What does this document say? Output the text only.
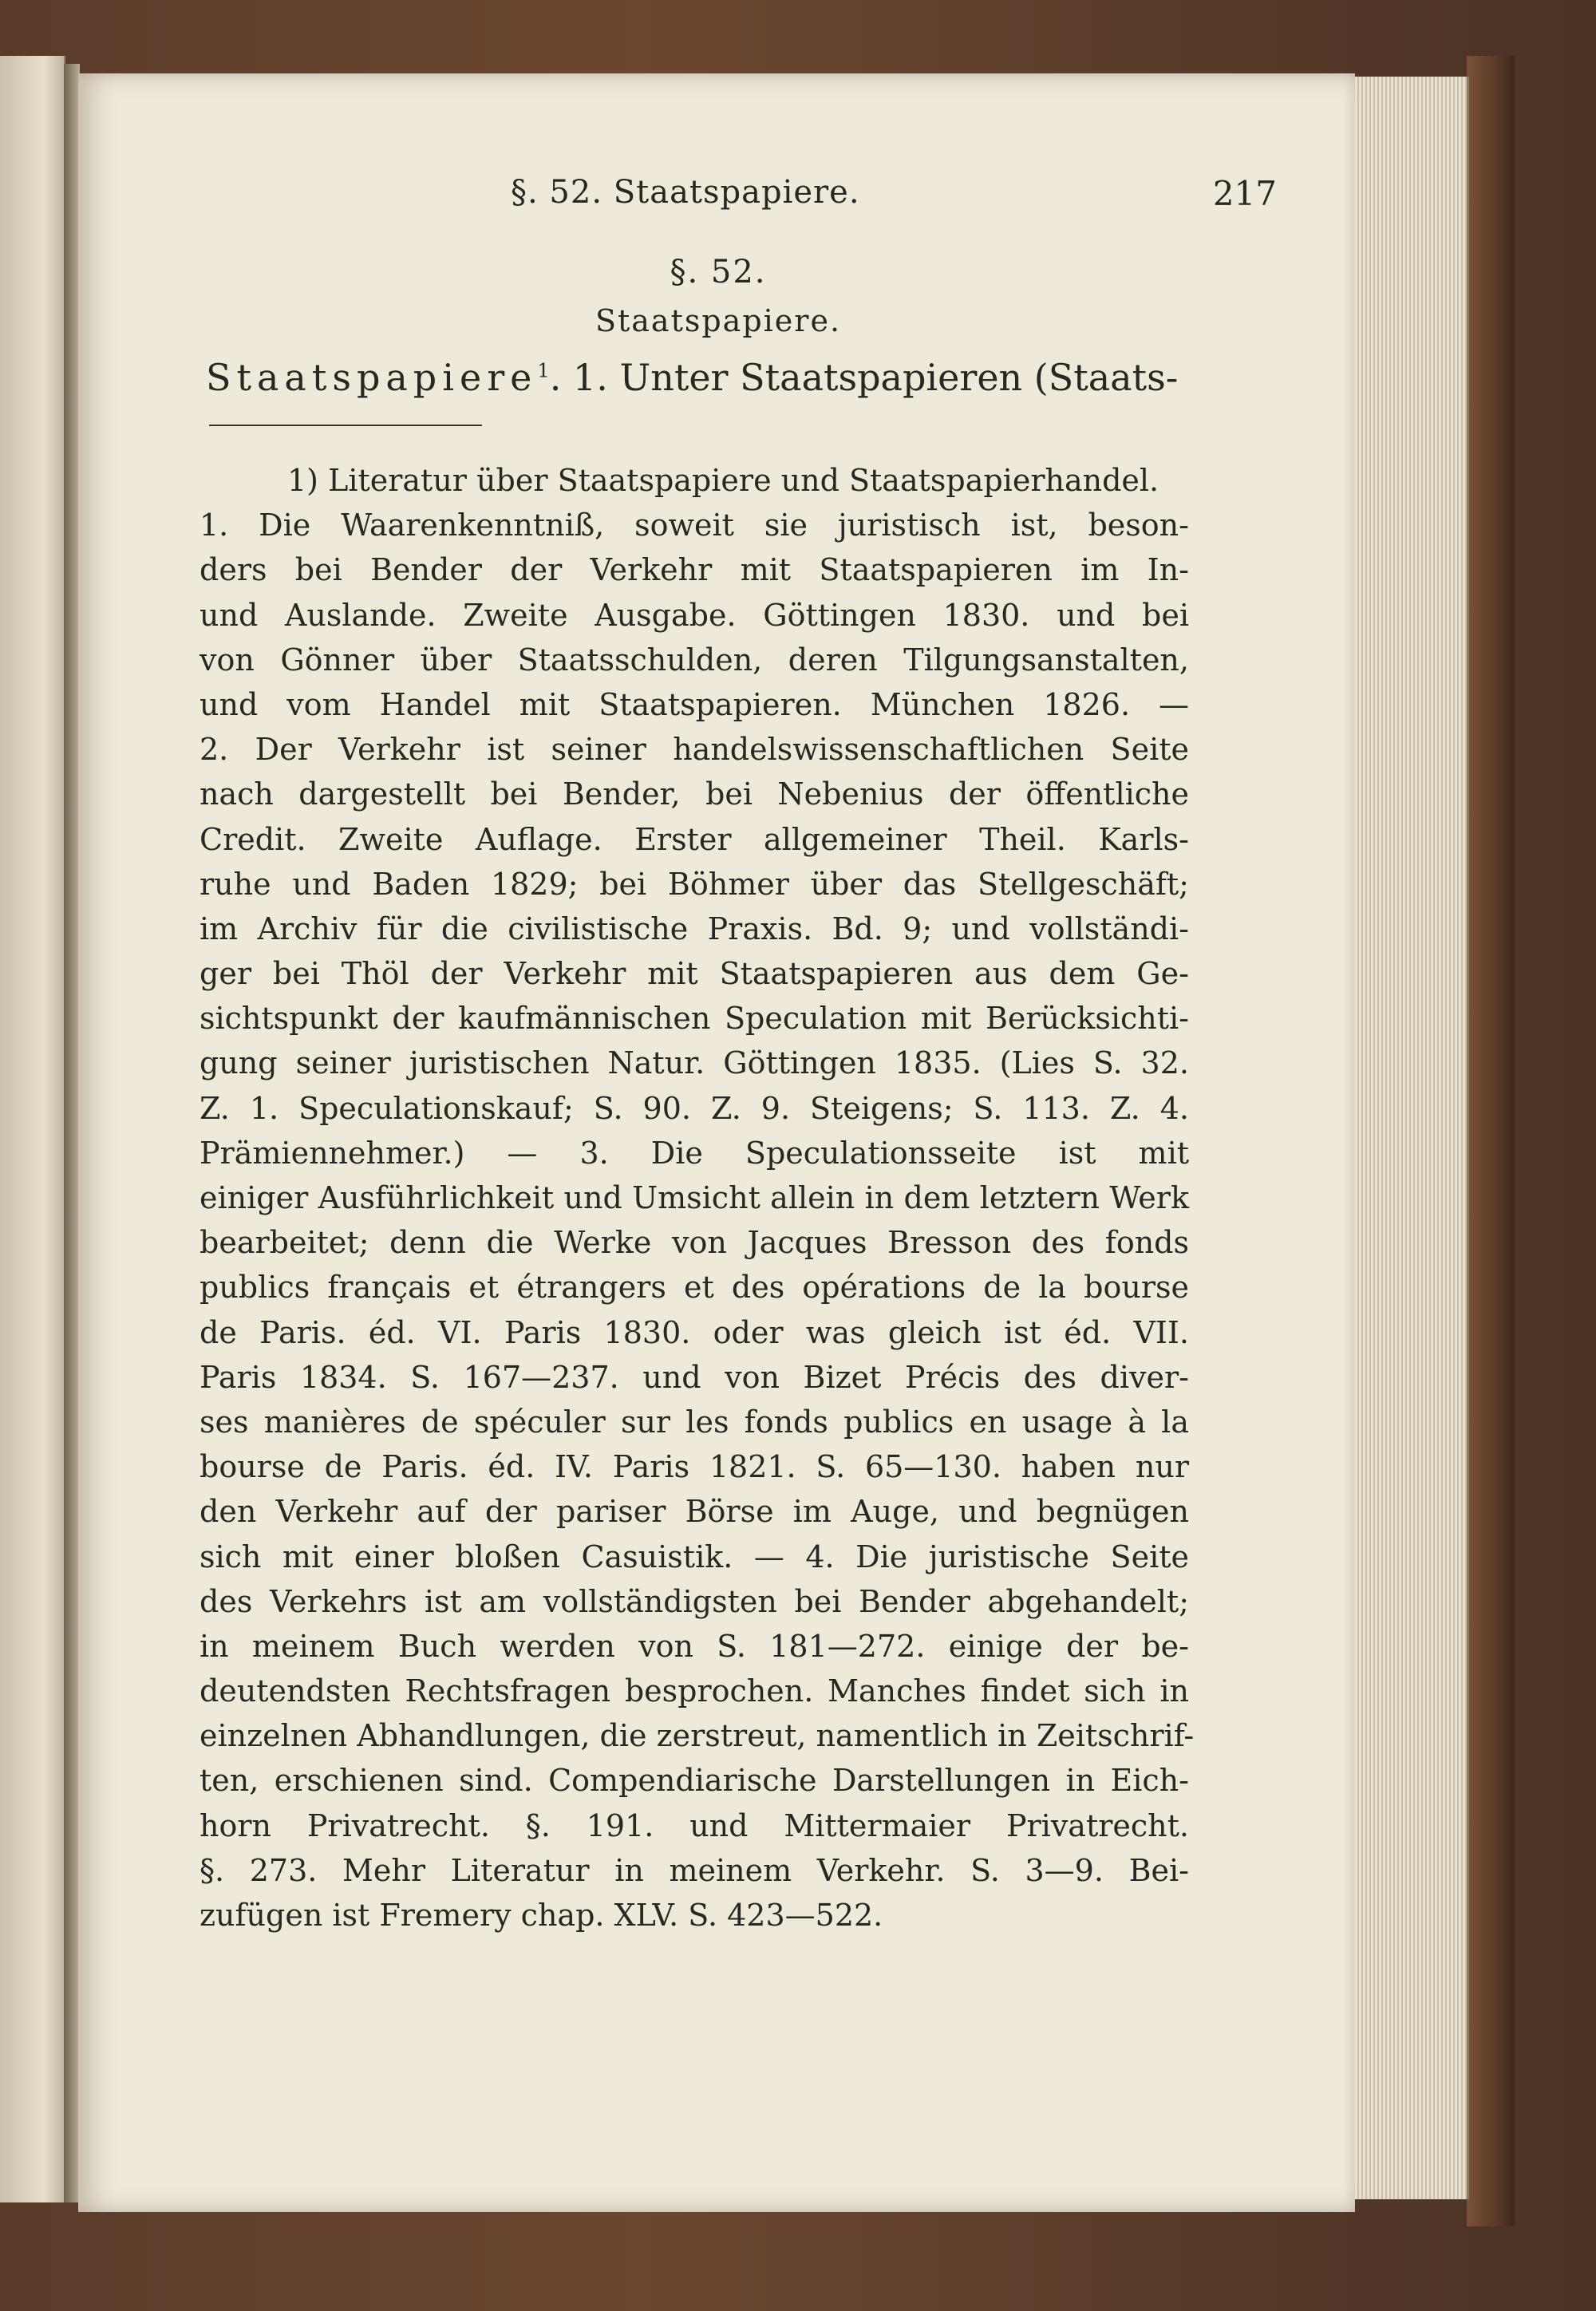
§. 52. Staatspapiere.	217
§. 52.
Staatspapiere.
Staatspapiere$^1$. 1. Unter Staatspapieren (Staats-
1) Literatur über Staatspapiere und Staatspapierhandel.
1. Die Waarenkenntniß, soweit sie juristisch ist, beson-
ders bei Bender der Verkehr mit Staatspapieren im In-
und Auslande. Zweite Ausgabe. Göttingen 1830. und bei
von Gönner über Staatsschulden, deren Tilgungsanstalten,
und vom Handel mit Staatspapieren. München 1826. —
2. Der Verkehr ist seiner handelswissenschaftlichen Seite
nach dargestellt bei Bender, bei Nebenius der öffentliche
Credit. Zweite Auflage. Erster allgemeiner Theil. Karls-
ruhe und Baden 1829; bei Böhmer über das Stellgeschäft;
im Archiv für die civilistische Praxis. Bd. 9; und vollständi-
ger bei Thöl der Verkehr mit Staatspapieren aus dem Ge-
sichtspunkt der kaufmännischen Speculation mit Berücksichti-
gung seiner juristischen Natur. Göttingen 1835. (Lies S. 32.
Z. 1. Speculationskauf; S. 90. Z. 9. Steigens; S. 113. Z. 4.
Prämiennehmer.) — 3. Die Speculationsseite ist mit
einiger Ausführlichkeit und Umsicht allein in dem letztern Werk
bearbeitet; denn die Werke von Jacques Bresson des fonds
publics français et étrangers et des opérations de la bourse
de Paris. éd. VI. Paris 1830. oder was gleich ist éd. VII.
Paris 1834. S. 167—237. und von Bizet Précis des diver-
ses manières de spéculer sur les fonds publics en usage à la
bourse de Paris. éd. IV. Paris 1821. S. 65—130. haben nur
den Verkehr auf der pariser Börse im Auge, und begnügen
sich mit einer bloßen Casuistik. — 4. Die juristische Seite
des Verkehrs ist am vollständigsten bei Bender abgehandelt;
in meinem Buch werden von S. 181—272. einige der be-
deutendsten Rechtsfragen besprochen. Manches findet sich in
einzelnen Abhandlungen, die zerstreut, namentlich in Zeitschrif-
ten, erschienen sind. Compendiarische Darstellungen in Eich-
horn Privatrecht. §. 191. und Mittermaier Privatrecht.
§. 273. Mehr Literatur in meinem Verkehr. S. 3—9. Bei-
zufügen ist Fremery chap. XLV. S. 423—522.
